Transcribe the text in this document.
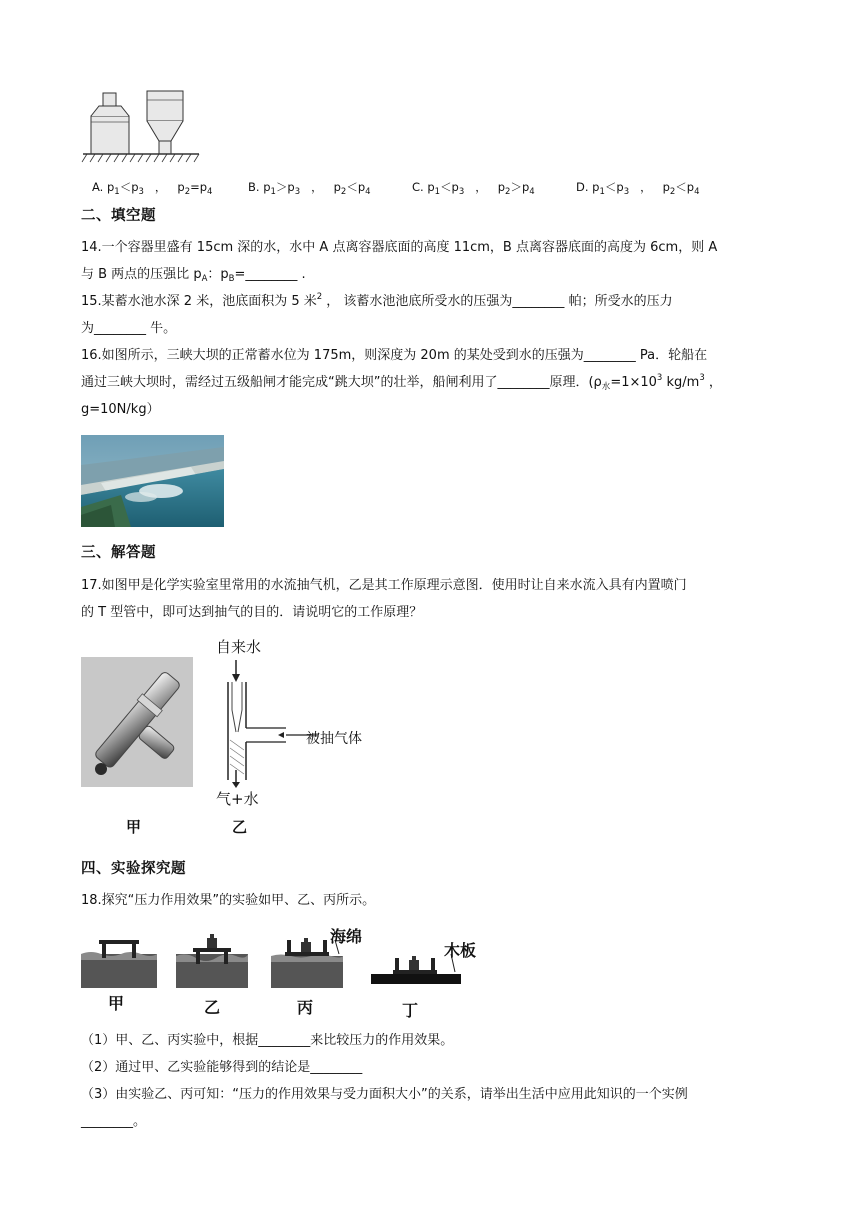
A. $p_1<p_3$ ，   $p_2=p_4$	B. $p_1>p_3$ ，   $p_2<p_4$	C. $p_1<p_3$ ，   $p_2>p_4$	D. $p_1<p_3$ ，   $p_2<p_4$
二、填空题
14.一个容器里盛有 15cm 深的水，水中 A 点离容器底面的高度 11cm，B 点离容器底面的高度为 6cm，则 A
与 B 两点的压强比 $p_A$：$p_B=\_\_\_\_\_\_\_\_$ .
15.某蓄水池水深 2 米，池底面积为 5 米$^2$ ， 该蓄水池池底所受水的压强为________ 帕；所受水的压力
为________ 牛。
16.如图所示，三峡大坝的正常蓄水位为 175m，则深度为 20m 的某处受到水的压强为________ Pa．轮船在
通过三峡大坝时，需经过五级船闸才能完成“跳大坝”的壮举，船闸利用了________原理．($\rho_水=1\times 10^3$ $kg/m^3$ ，
g=10N/kg）
三、解答题
17.如图甲是化学实验室里常用的水流抽气机，乙是其工作原理示意图．使用时让自来水流入具有内置喷门
的 T 型管中，即可达到抽气的目的．请说明它的工作原理？
甲
自来水
被抽气体
气+水
乙
四、实验探究题
18.探究“压力作用效果”的实验如甲、乙、丙所示。
海绵
木板
甲	乙	丙	丁
（1）甲、乙、丙实验中，根据________来比较压力的作用效果。
（2）通过甲、乙实验能够得到的结论是________
（3）由实验乙、丙可知：“压力的作用效果与受力面积大小”的关系，请举出生活中应用此知识的一个实例
________。
